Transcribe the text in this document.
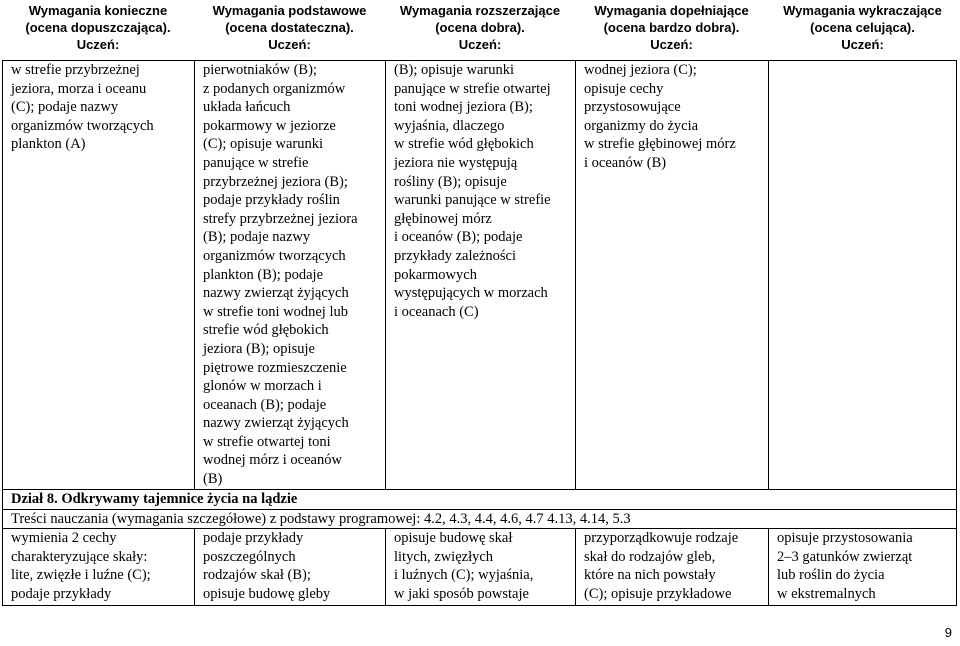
Wymagania konieczne
(ocena dopuszczająca).
Uczeń:
Wymagania podstawowe
(ocena dostateczna).
Uczeń:
Wymagania rozszerzające
(ocena dobra).
Uczeń:
Wymagania dopełniające
(ocena bardzo dobra).
Uczeń:
Wymagania wykraczające
(ocena celująca).
Uczeń:
w strefie przybrzeżnej
jeziora, morza i oceanu
(C); podaje nazwy
organizmów tworzących
plankton (A)
pierwotniaków (B);
z podanych organizmów
układa łańcuch
pokarmowy w jeziorze
(C); opisuje warunki
panujące w strefie
przybrzeżnej jeziora (B);
podaje przykłady roślin
strefy przybrzeżnej jeziora
(B); podaje nazwy
organizmów tworzących
plankton (B); podaje
nazwy zwierząt żyjących
w strefie toni wodnej lub
strefie wód głębokich
jeziora (B); opisuje
piętrowe rozmieszczenie
glonów w morzach i
oceanach (B); podaje
nazwy zwierząt żyjących
w strefie otwartej toni
wodnej mórz i oceanów
(B)
(B); opisuje warunki
panujące w strefie otwartej
toni wodnej jeziora (B);
wyjaśnia, dlaczego
w strefie wód głębokich
jeziora nie występują
rośliny (B); opisuje
warunki panujące w strefie
głębinowej mórz
i oceanów (B); podaje
przykłady zależności
pokarmowych
występujących w morzach
i oceanach (C)
wodnej jeziora (C);
opisuje cechy
przystosowujące
organizmy do życia
w strefie głębinowej mórz
i oceanów (B)
Dział 8. Odkrywamy tajemnice życia na lądzie
Treści nauczania (wymagania szczegółowe) z podstawy programowej: 4.2, 4.3, 4.4, 4.6, 4.7 4.13, 4.14, 5.3
wymienia 2 cechy
charakteryzujące skały:
lite, zwięzłe i luźne (C);
podaje przykłady
podaje przykłady
poszczególnych
rodzajów skał (B);
opisuje budowę gleby
opisuje budowę skał
litych, zwięzłych
i luźnych (C); wyjaśnia,
w jaki sposób powstaje
przyporządkowuje rodzaje
skał do rodzajów gleb,
które na nich powstały
(C); opisuje przykładowe
opisuje przystosowania
2–3 gatunków zwierząt
lub roślin do życia
w ekstremalnych
9
